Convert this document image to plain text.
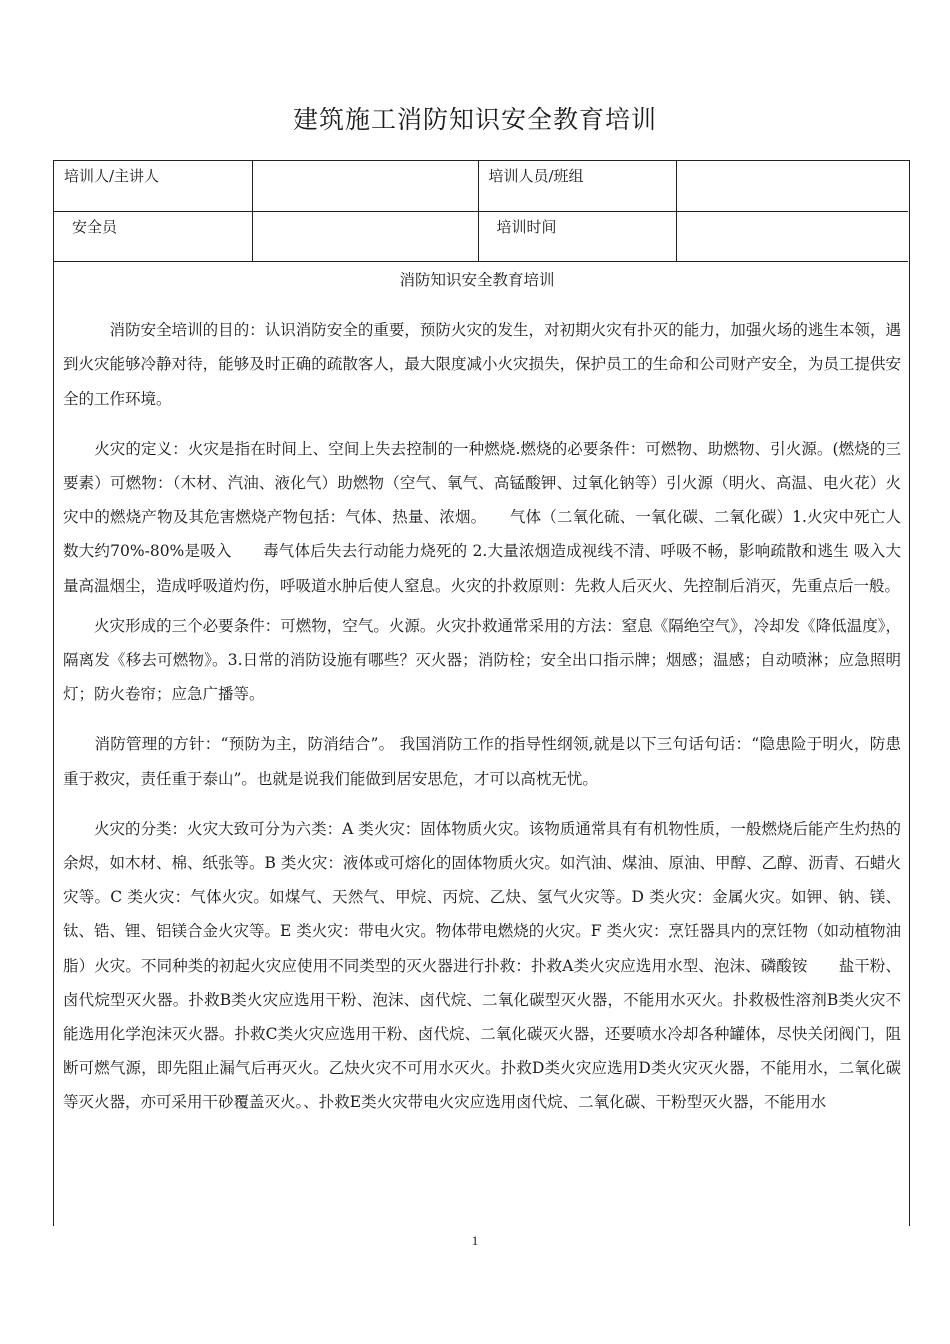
建筑施工消防知识安全教育培训
培训人/主讲人		培训人员/班组	
安全员		培训时间	
消防知识安全教育培训

　　　消防安全培训的目的：认识消防安全的重要，预防火灾的发生，对初期火灾有扑灭的能力，加强火场的逃生本领，遇到火灾能够冷静对待，能够及时正确的疏散客人，最大限度减小火灾损失，保护员工的生命和公司财产安全，为员工提供安全的工作环境。

　　火灾的定义：火灾是指在时间上、空间上失去控制的一种燃烧.燃烧的必要条件：可燃物、助燃物、引火源。(燃烧的三要素）可燃物：（木材、汽油、液化气）助燃物（空气、氧气、高锰酸钾、过氧化钠等）引火源（明火、高温、电火花）火灾中的燃烧产物及其危害燃烧产物包括：气体、热量、浓烟。　　气体（二氧化硫、一氧化碳、二氧化碳）1.火灾中死亡人数大约70%-80%是吸入　　毒气体后失去行动能力烧死的 2.大量浓烟造成视线不清、呼吸不畅，影响疏散和逃生 吸入大量高温烟尘，造成呼吸道灼伤，呼吸道水肿后使人窒息。火灾的扑救原则：先救人后灭火、先控制后消灭，先重点后一般。

　　火灾形成的三个必要条件：可燃物，空气。火源。火灾扑救通常采用的方法：窒息《隔绝空气》，冷却发《降低温度》，隔离发《移去可燃物》。3.日常的消防设施有哪些？灭火器；消防栓；安全出口指示牌；烟感；温感；自动喷淋；应急照明灯；防火卷帘；应急广播等。

　　消防管理的方针：“预防为主，防消结合”。 我国消防工作的指导性纲领,就是以下三句话句话：“隐患险于明火，防患重于救灾，责任重于泰山”。也就是说我们能做到居安思危，才可以高枕无忧。

　　火灾的分类：火灾大致可分为六类：A 类火灾：固体物质火灾。该物质通常具有有机物性质，一般燃烧后能产生灼热的余烬，如木材、棉、纸张等。B 类火灾：液体或可熔化的固体物质火灾。如汽油、煤油、原油、甲醇、乙醇、沥青、石蜡火灾等。C 类火灾：气体火灾。如煤气、天然气、甲烷、丙烷、乙炔、氢气火灾等。D 类火灾：金属火灾。如钾、钠、镁、钛、锆、锂、铝镁合金火灾等。E 类火灾：带电火灾。物体带电燃烧的火灾。F 类火灾：烹饪器具内的烹饪物（如动植物油脂）火灾。不同种类的初起火灾应使用不同类型的灭火器进行扑救：扑救A类火灾应选用水型、泡沫、磷酸铵　　盐干粉、卤代烷型灭火器。扑救B类火灾应选用干粉、泡沫、卤代烷、二氧化碳型灭火器，不能用水灭火。扑救极性溶剂B类火灾不能选用化学泡沫灭火器。扑救C类火灾应选用干粉、卤代烷、二氧化碳灭火器，还要喷水冷却各种罐体，尽快关闭阀门，阻断可燃气源，即先阻止漏气后再灭火。乙炔火灾不可用水灭火。扑救D类火灾应选用D类火灾灭火器，不能用水，二氧化碳等灭火器，亦可采用干砂覆盖灭火。、扑救E类火灾带电火灾应选用卤代烷、二氧化碳、干粉型灭火器，不能用水

1
